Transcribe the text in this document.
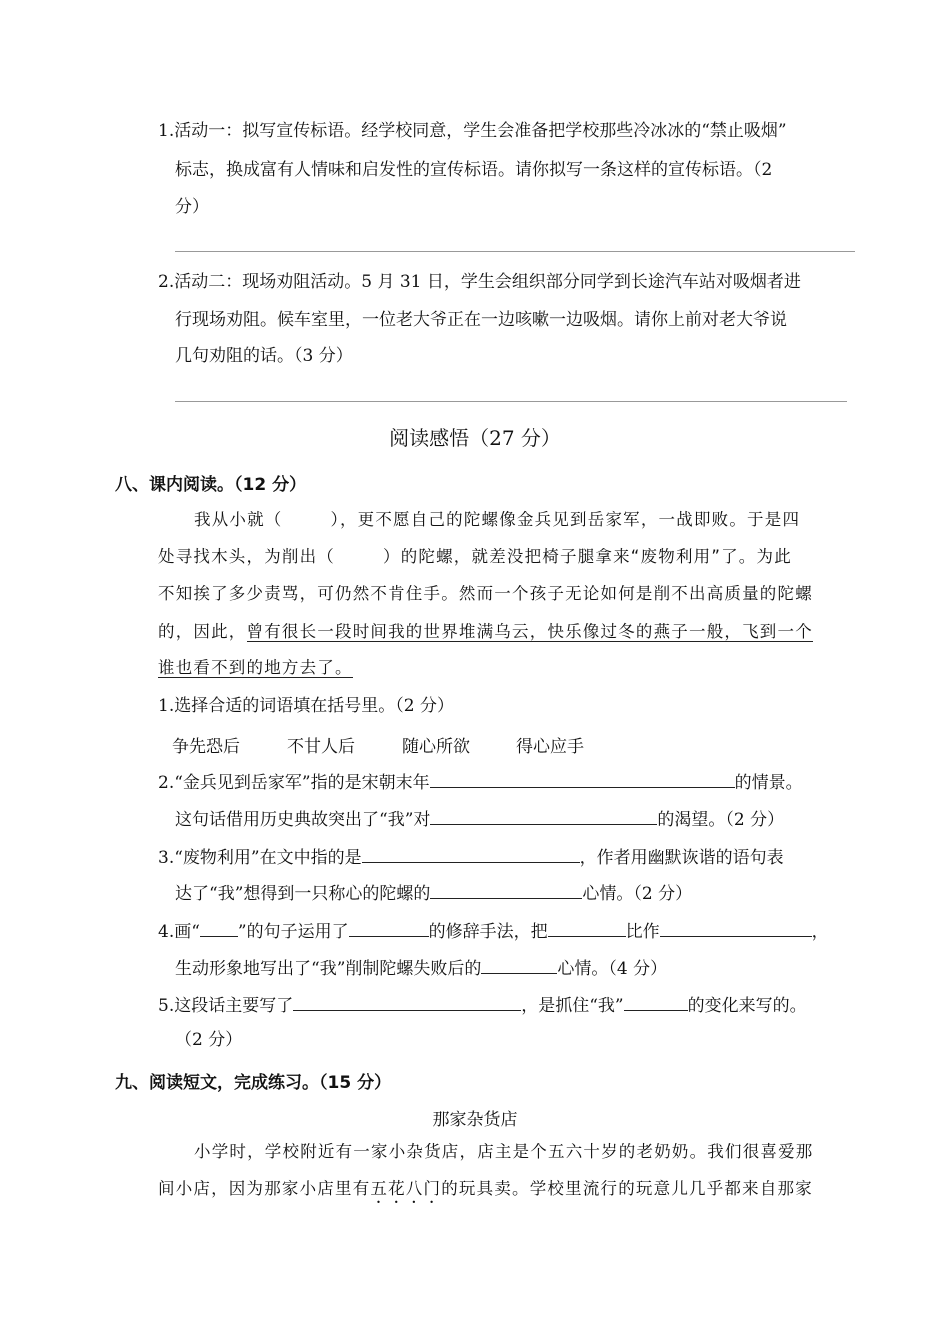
1.活动一：拟写宣传标语。经学校同意，学生会准备把学校那些冷冰冰的“禁止吸烟”
标志，换成富有人情味和启发性的宣传标语。请你拟写一条这样的宣传标语。（2
分）
2.活动二：现场劝阻活动。5 月 31 日，学生会组织部分同学到长途汽车站对吸烟者进
行现场劝阻。候车室里，一位老大爷正在一边咳嗽一边吸烟。请你上前对老大爷说
几句劝阻的话。（3 分）
阅读感悟（27 分）
八、课内阅读。（12 分）
我从小就（	），更不愿自己的陀螺像金兵见到岳家军，一战即败。于是四
处寻找木头，为削出（	）的陀螺，就差没把椅子腿拿来“废物利用”了。为此
不知挨了多少责骂，可仍然不肯住手。然而一个孩子无论如何是削不出高质量的陀螺
的，因此，曾有很长一段时间我的世界堆满乌云，快乐像过冬的燕子一般，飞到一个
谁也看不到的地方去了。
1.选择合适的词语填在括号里。（2 分）
争先恐后	不甘人后	随心所欲	得心应手
2.“金兵见到岳家军”指的是宋朝末年	的情景。
这句话借用历史典故突出了“我”对	的渴望。（2 分）
3.“废物利用”在文中指的是	，作者用幽默诙谐的语句表
达了“我”想得到一只称心的陀螺的	心情。（2 分）
4.画“ ”的句子运用了	的修辞手法，把	比作	，
生动形象地写出了“我”削制陀螺失败后的	心情。（4 分）
5.这段话主要写了	，是抓住“我”	的变化来写的。
（2 分）
九、阅读短文，完成练习。（15 分）
那家杂货店
小学时，学校附近有一家小杂货店，店主是个五六十岁的老奶奶。我们很喜爱那
间小店，因为那家小店里有五花八门的玩具卖。学校里流行的玩意儿几乎都来自那家
